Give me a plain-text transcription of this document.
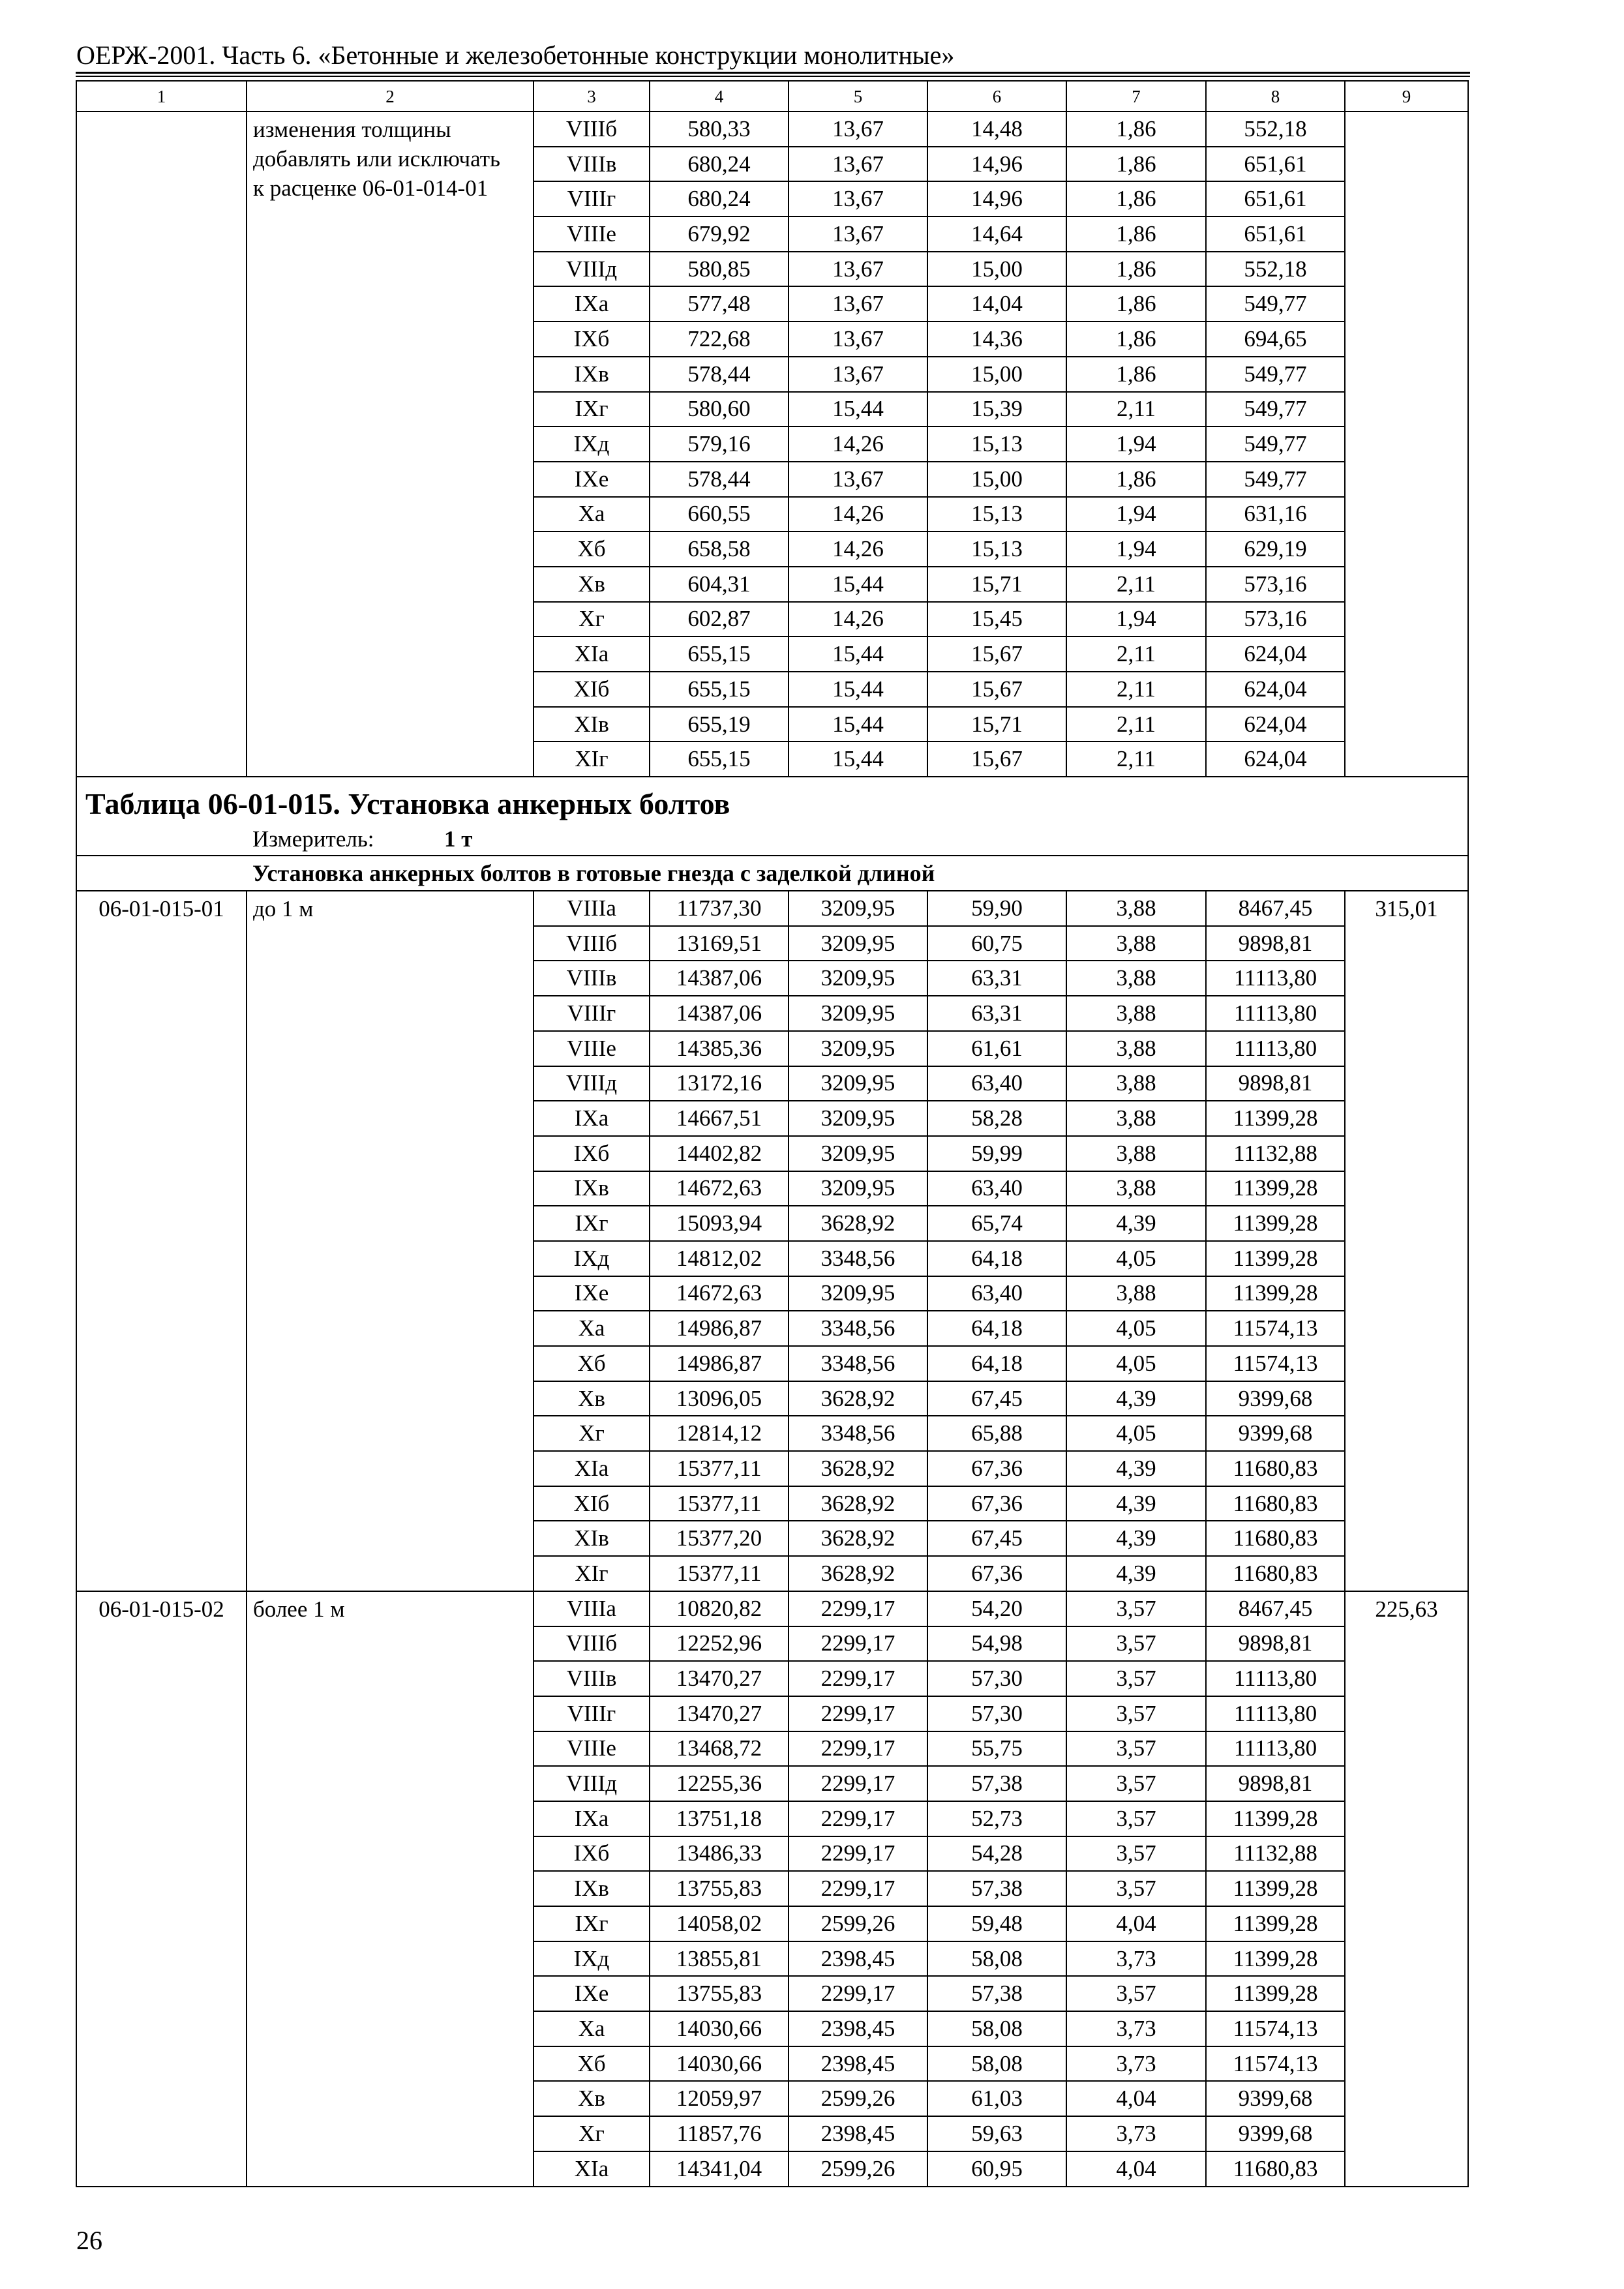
ОЕРЖ-2001. Часть 6. «Бетонные и железобетонные конструкции монолитные»
1	2	3	4	5	6	7	8	9

	изменения толщины
добавлять или исключать
к расценке 06-01-014-01	VIIIб	580,33	13,67	14,48	1,86	552,18	
		VIIIв	680,24	13,67	14,96	1,86	651,61	
		VIIIг	680,24	13,67	14,96	1,86	651,61	
		VIIIе	679,92	13,67	14,64	1,86	651,61	
		VIIIд	580,85	13,67	15,00	1,86	552,18	
		IXа	577,48	13,67	14,04	1,86	549,77	
		IXб	722,68	13,67	14,36	1,86	694,65	
		IXв	578,44	13,67	15,00	1,86	549,77	
		IXг	580,60	15,44	15,39	2,11	549,77	
		IXд	579,16	14,26	15,13	1,94	549,77	
		IXе	578,44	13,67	15,00	1,86	549,77	
		Xа	660,55	14,26	15,13	1,94	631,16	
		Xб	658,58	14,26	15,13	1,94	629,19	
		Xв	604,31	15,44	15,71	2,11	573,16	
		Xг	602,87	14,26	15,45	1,94	573,16	
		XIа	655,15	15,44	15,67	2,11	624,04	
		XIб	655,15	15,44	15,67	2,11	624,04	
		XIв	655,19	15,44	15,71	2,11	624,04	
		XIг	655,15	15,44	15,67	2,11	624,04	

Таблица 06-01-015. Установка анкерных болтов
Измеритель: 1 т								

Установка анкерных болтов в готовые гнезда с заделкой длиной								
06-01-015-01	до 1 м	VIIIа	11737,30	3209,95	59,90	3,88	8467,45	315,01
		VIIIб	13169,51	3209,95	60,75	3,88	9898,81	
		VIIIв	14387,06	3209,95	63,31	3,88	11113,80	
		VIIIг	14387,06	3209,95	63,31	3,88	11113,80	
		VIIIе	14385,36	3209,95	61,61	3,88	11113,80	
		VIIIд	13172,16	3209,95	63,40	3,88	9898,81	
		IXа	14667,51	3209,95	58,28	3,88	11399,28	
		IXб	14402,82	3209,95	59,99	3,88	11132,88	
		IXв	14672,63	3209,95	63,40	3,88	11399,28	
		IXг	15093,94	3628,92	65,74	4,39	11399,28	
		IXд	14812,02	3348,56	64,18	4,05	11399,28	
		IXе	14672,63	3209,95	63,40	3,88	11399,28	
		Xа	14986,87	3348,56	64,18	4,05	11574,13	
		Xб	14986,87	3348,56	64,18	4,05	11574,13	
		Xв	13096,05	3628,92	67,45	4,39	9399,68	
		Xг	12814,12	3348,56	65,88	4,05	9399,68	
		XIа	15377,11	3628,92	67,36	4,39	11680,83	
		XIб	15377,11	3628,92	67,36	4,39	11680,83	
		XIв	15377,20	3628,92	67,45	4,39	11680,83	
		XIг	15377,11	3628,92	67,36	4,39	11680,83	
06-01-015-02	более 1 м	VIIIа	10820,82	2299,17	54,20	3,57	8467,45	225,63
		VIIIб	12252,96	2299,17	54,98	3,57	9898,81	
		VIIIв	13470,27	2299,17	57,30	3,57	11113,80	
		VIIIг	13470,27	2299,17	57,30	3,57	11113,80	
		VIIIе	13468,72	2299,17	55,75	3,57	11113,80	
		VIIIд	12255,36	2299,17	57,38	3,57	9898,81	
		IXа	13751,18	2299,17	52,73	3,57	11399,28	
		IXб	13486,33	2299,17	54,28	3,57	11132,88	
		IXв	13755,83	2299,17	57,38	3,57	11399,28	
		IXг	14058,02	2599,26	59,48	4,04	11399,28	
		IXд	13855,81	2398,45	58,08	3,73	11399,28	
		IXе	13755,83	2299,17	57,38	3,57	11399,28	
		Xа	14030,66	2398,45	58,08	3,73	11574,13	
		Xб	14030,66	2398,45	58,08	3,73	11574,13	
		Xв	12059,97	2599,26	61,03	4,04	9399,68	
		Xг	11857,76	2398,45	59,63	3,73	9399,68	
		XIа	14341,04	2599,26	60,95	4,04	11680,83	
26
